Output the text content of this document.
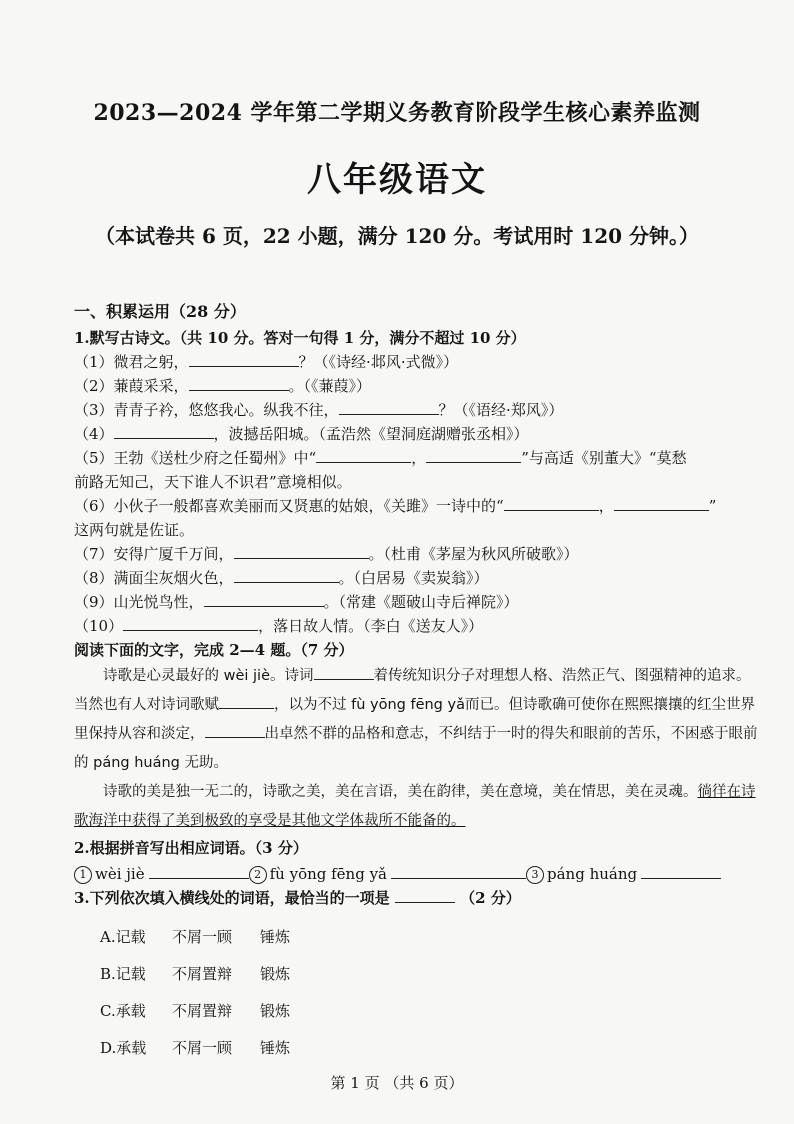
2023—2024 学年第二学期义务教育阶段学生核心素养监测
八年级语文
（本试卷共 6 页，22 小题，满分 120 分。考试用时 120 分钟。）
一、积累运用（28 分）
1.默写古诗文。（共 10 分。答对一句得 1 分，满分不超过 10 分）
（1）微君之躬，	？（《诗经·邶风·式微》）
（2）蒹葭采采，	。（《蒹葭》）
（3）青青子衿，悠悠我心。纵我不往，	？（《语经·郑风》）
（4）	，波撼岳阳城。（孟浩然《望洞庭湖赠张丞相》）
（5）王勃《送杜少府之任蜀州》中“	，	”与高适《别董大》“莫愁
前路无知己，天下谁人不识君”意境相似。
（6）小伙子一般都喜欢美丽而又贤惠的姑娘，《关雎》一诗中的“	，	”
这两句就是佐证。
（7）安得广厦千万间，	。（杜甫《茅屋为秋风所破歌》）
（8）满面尘灰烟火色，	。（白居易《卖炭翁》）
（9）山光悦鸟性，	。（常建《题破山寺后禅院》）
（10）	，落日故人情。（李白《送友人》）
阅读下面的文字，完成 2—4 题。（7 分）

诗歌是心灵最好的 wèi jiè。诗词	着传统知识分子对理想人格、浩然正气、图强精神的追求。当然也有人对诗词歌赋	，以为不过 fù yōng fēng yǎ而已。但诗歌确可使你在熙熙攘攘的红尘世界里保持从容和淡定，	出卓然不群的品格和意志，不纠结于一时的得失和眼前的苦乐，不困惑于眼前的 páng huáng 无助。

诗歌的美是独一无二的，诗歌之美，美在言语，美在韵律，美在意境，美在情思，美在灵魂。徜徉在诗歌海洋中获得了美到极致的享受是其他文学体裁所不能备的。

2.根据拼音写出相应词语。（3 分）
1 wèi jiè	2 fù yōng fēng yǎ	3 páng huáng
3.下列依次填入横线处的词语，最恰当的一项是	（2 分）
A.记载	不屑一顾	锤炼
B.记载	不屑置辩	锻炼
C.承载	不屑置辩	锻炼
D.承载	不屑一顾	锤炼
第 1 页 （共 6 页）
